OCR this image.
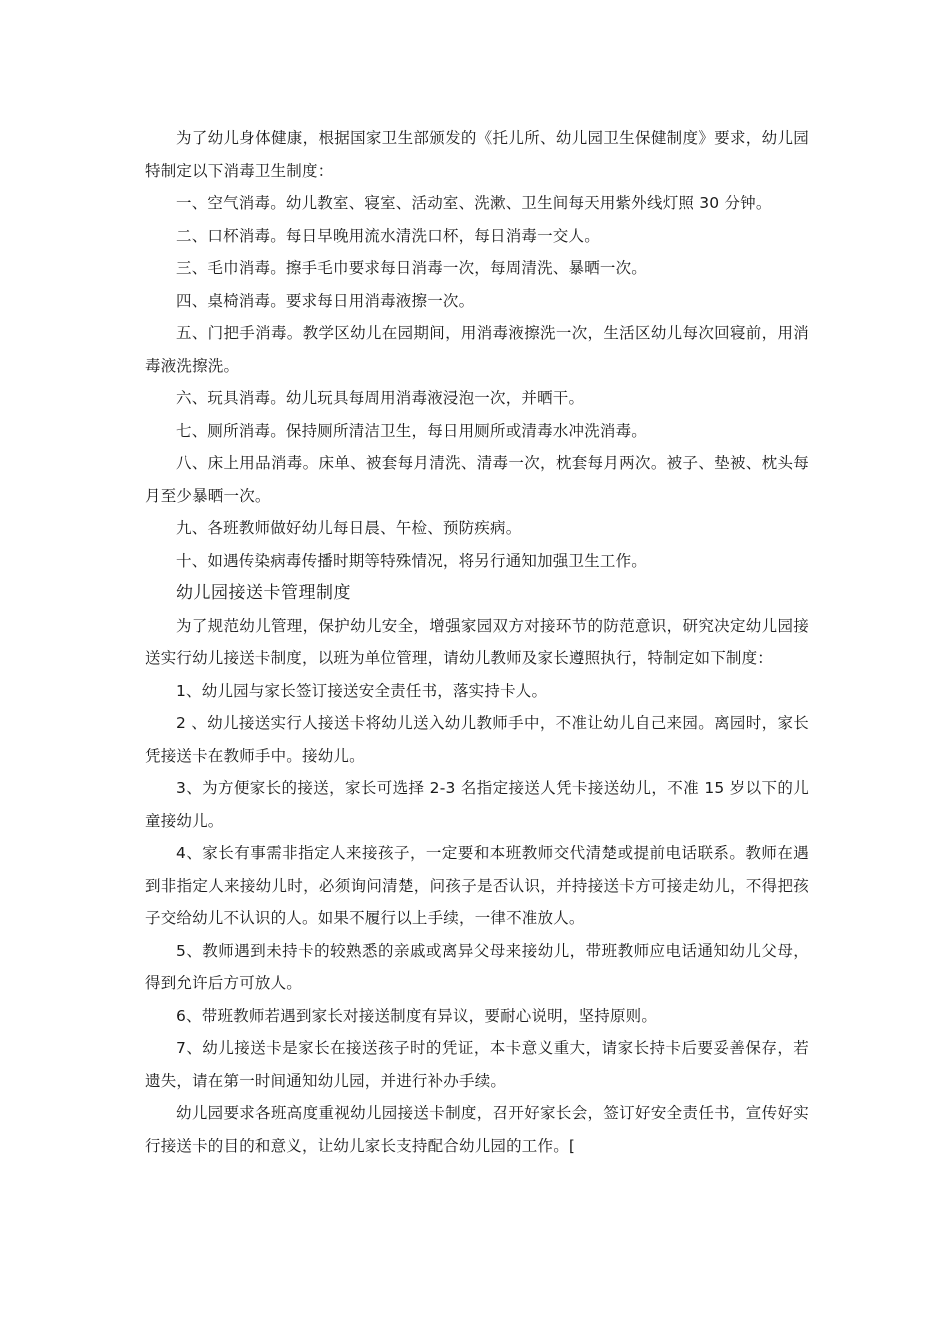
为了幼儿身体健康，根据国家卫生部颁发的《托儿所、幼儿园卫生保健制度》要求，幼儿园特制定以下消毒卫生制度：

一、空气消毒。幼儿教室、寝室、活动室、洗漱、卫生间每天用紫外线灯照 30 分钟。

二、口杯消毒。每日早晚用流水清洗口杯，每日消毒一交人。

三、毛巾消毒。擦手毛巾要求每日消毒一次，每周清洗、暴晒一次。

四、桌椅消毒。要求每日用消毒液擦一次。

五、门把手消毒。教学区幼儿在园期间，用消毒液擦洗一次，生活区幼儿每次回寝前，用消毒液洗擦洗。

六、玩具消毒。幼儿玩具每周用消毒液浸泡一次，并晒干。

七、厕所消毒。保持厕所清洁卫生，每日用厕所或清毒水冲洗消毒。

八、床上用品消毒。床单、被套每月清洗、清毒一次，枕套每月两次。被子、垫被、枕头每月至少暴晒一次。

九、各班教师做好幼儿每日晨、午检、预防疾病。

十、如遇传染病毒传播时期等特殊情况，将另行通知加强卫生工作。

幼儿园接送卡管理制度

为了规范幼儿管理，保护幼儿安全，增强家园双方对接环节的防范意识，研究决定幼儿园接送实行幼儿接送卡制度，以班为单位管理，请幼儿教师及家长遵照执行，特制定如下制度：

1、幼儿园与家长签订接送安全责任书，落实持卡人。

2 、幼儿接送实行人接送卡将幼儿送入幼儿教师手中，不准让幼儿自己来园。离园时，家长凭接送卡在教师手中。接幼儿。

3、为方便家长的接送，家长可选择 2-3 名指定接送人凭卡接送幼儿，不准 15 岁以下的儿童接幼儿。

4、家长有事需非指定人来接孩子，一定要和本班教师交代清楚或提前电话联系。教师在遇到非指定人来接幼儿时，必须询问清楚，问孩子是否认识，并持接送卡方可接走幼儿，不得把孩子交给幼儿不认识的人。如果不履行以上手续，一律不准放人。

5、教师遇到未持卡的较熟悉的亲戚或离异父母来接幼儿，带班教师应电话通知幼儿父母，得到允许后方可放人。

6、带班教师若遇到家长对接送制度有异议，要耐心说明，坚持原则。

7、幼儿接送卡是家长在接送孩子时的凭证，本卡意义重大，请家长持卡后要妥善保存，若遗失，请在第一时间通知幼儿园，并进行补办手续。

幼儿园要求各班高度重视幼儿园接送卡制度，召开好家长会，签订好安全责任书，宣传好实行接送卡的目的和意义，让幼儿家长支持配合幼儿园的工作。[
